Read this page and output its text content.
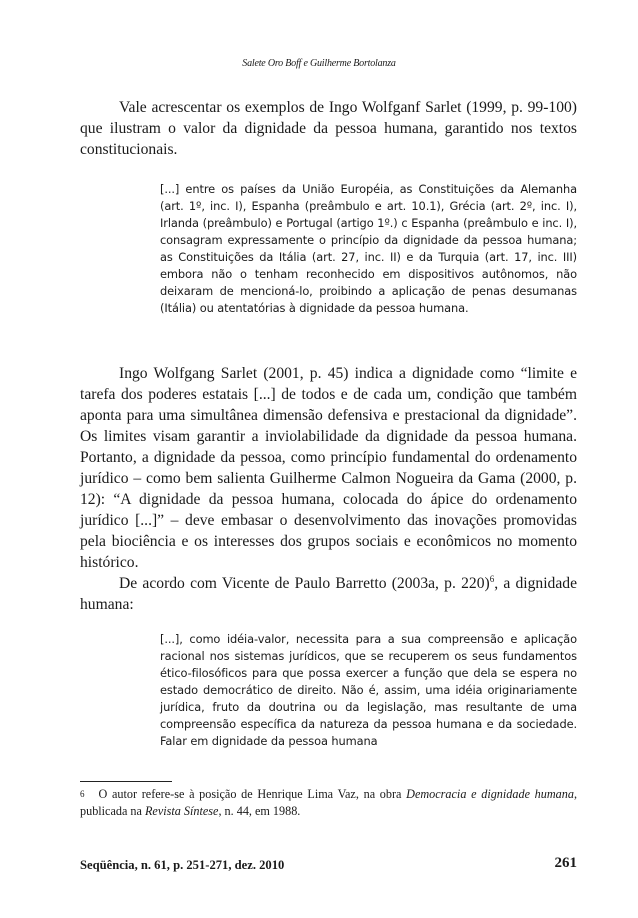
Salete Oro Boff e Guilherme Bortolanza

Vale acrescentar os exemplos de Ingo Wolfganf Sarlet (1999, p. 99-100) que ilustram o valor da dignidade da pessoa humana, garantido nos textos constitucionais.

[...] entre os países da União Européia, as Constituições da Alemanha (art. 1º, inc. I), Espanha (preâmbulo e art. 10.1), Grécia (art. 2º, inc. I), Irlanda (preâmbulo) e Portugal (artigo 1º.) c Espanha (preâmbulo e inc. I), consagram expressamente o princípio da dignidade da pessoa humana; as Constituições da Itália (art. 27, inc. II) e da Turquia (art. 17, inc. III) embora não o tenham reconhecido em dispositivos autônomos, não deixaram de mencioná-lo, proibindo a aplicação de penas desumanas (Itália) ou atentatórias à dignidade da pessoa humana.

Ingo Wolfgang Sarlet (2001, p. 45) indica a dignidade como “limite e tarefa dos poderes estatais [...] de todos e de cada um, condição que também aponta para uma simultânea dimensão defensiva e prestacional da dignidade”. Os limites visam garantir a inviolabilidade da dignidade da pessoa humana. Portanto, a dignidade da pessoa, como princípio fundamental do ordenamento jurídico – como bem salienta Guilherme Calmon Nogueira da Gama (2000, p. 12): “A dignidade da pessoa humana, colocada do ápice do ordenamento jurídico [...]” – deve embasar o desenvolvimento das inovações promovidas pela biociência e os interesses dos grupos sociais e econômicos no momento histórico.

De acordo com Vicente de Paulo Barretto (2003a, p. 220)$^6$, a dignidade humana:

[...], como idéia-valor, necessita para a sua compreensão e aplicação racional nos sistemas jurídicos, que se recuperem os seus fundamentos ético-filosóficos para que possa exercer a função que dela se espera no estado democrático de direito. Não é, assim, uma idéia originariamente jurídica, fruto da doutrina ou da legislação, mas resultante de uma compreensão específica da natureza da pessoa humana e da sociedade. Falar em dignidade da pessoa humana

$^6$ O autor refere-se à posição de Henrique Lima Vaz, na obra Democracia e dignidade humana, publicada na Revista Síntese, n. 44, em 1988.

Seqüência, n. 61, p. 251-271, dez. 2010	261
